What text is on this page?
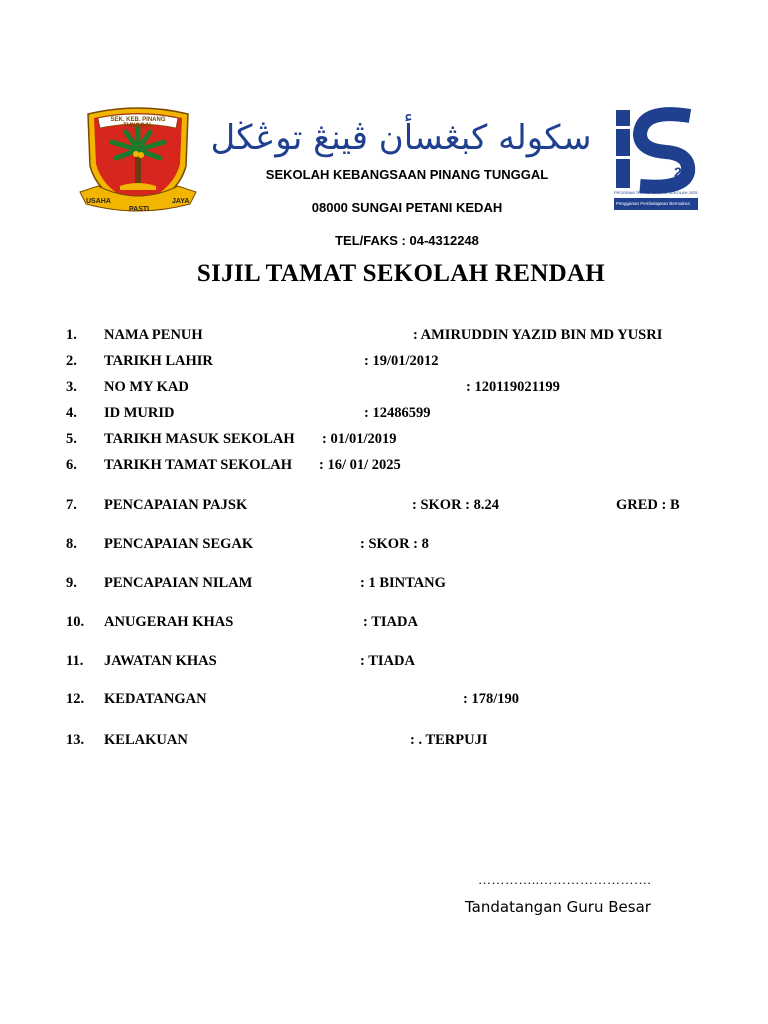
SEK. KEB. PINANG TUNGGAL
USAHA
PASTI
JAYA
سکوله کبڠسأن ڤينڠ توڠڬل
25
PROGRAM TRANSFORMASI SEKOLAH 2025
Pengganan Pembelajaran Bermakna
SEKOLAH KEBANGSAAN PINANG TUNGGAL
08000 SUNGAI PETANI KEDAH
TEL/FAKS : 04-4312248
SIJIL TAMAT SEKOLAH RENDAH
1. NAMA PENUH	: AMIRUDDIN YAZID BIN MD YUSRI
2. TARIKH LAHIR	: 19/01/2012
3. NO MY KAD	: 120119021199
4. ID MURID	: 12486599
5. TARIKH MASUK SEKOLAH : 01/01/2019
6. TARIKH TAMAT SEKOLAH : 16/ 01/ 2025
7. PENCAPAIAN PAJSK	: SKOR : 8.24	GRED : B
8. PENCAPAIAN SEGAK	: SKOR : 8
9. PENCAPAIAN NILAM	: 1 BINTANG
10. ANUGERAH KHAS	: TIADA
11. JAWATAN KHAS	: TIADA
12. KEDATANGAN	: 178/190
13. KELAKUAN	: . TERPUJI
…………..…………………….
Tandatangan Guru Besar
